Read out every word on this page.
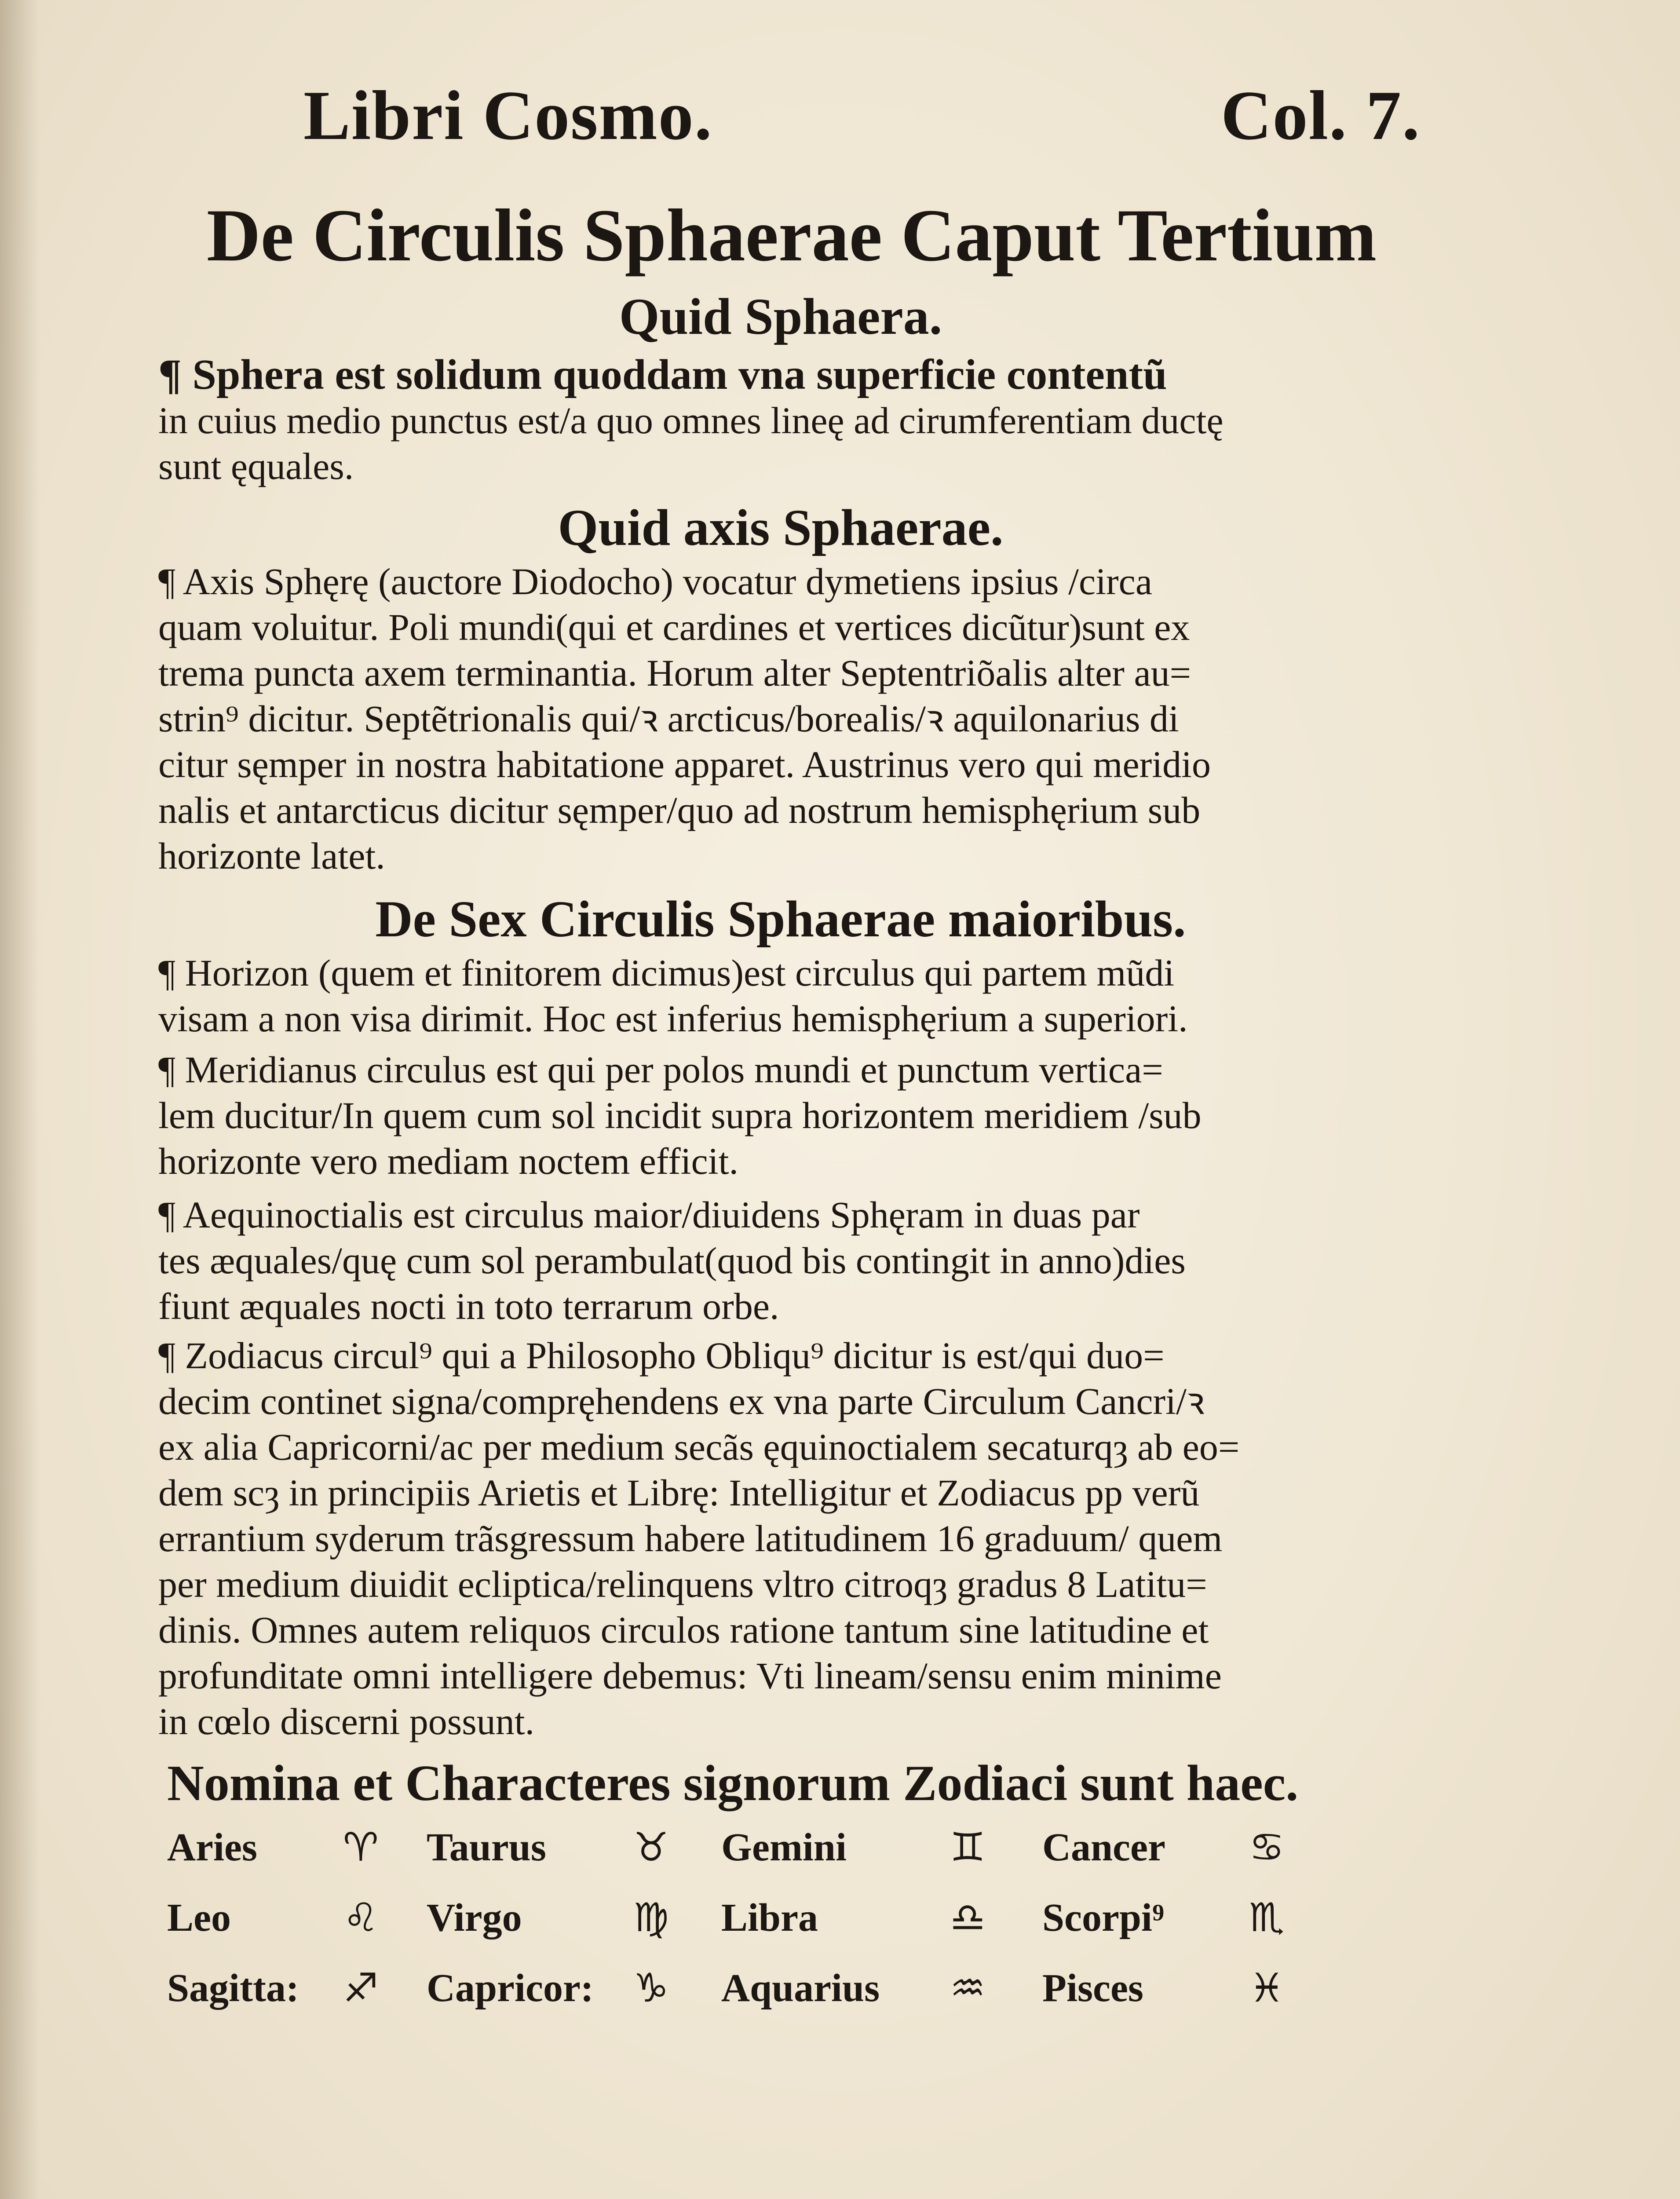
Libri Cosmo.	Col. 7.
De Circulis Sphaerae Caput Tertium
Quid Sphaera.
¶ Sphera est solidum quoddam vna superficie contentũ
in cuius medio punctus est/a quo omnes lineę ad cirumferentiam ductę
sunt ęquales.
Quid axis Sphaerae.
¶ Axis Sphęrę (auctore Diodocho) vocatur dymetiens ipsius /circa
quam voluitur. Poli mundi(qui et cardines et vertices dicũtur)sunt ex
trema puncta axem terminantia. Horum alter Septentriõalis alter au=
strin⁹ dicitur. Septẽtrionalis qui/ꝛ arcticus/borealis/ꝛ aquilonarius di
citur sęmper in nostra habitatione apparet. Austrinus vero qui meridio
nalis et antarcticus dicitur sęmper/quo ad nostrum hemisphęrium sub
horizonte latet.
De Sex Circulis Sphaerae maioribus.
¶ Horizon (quem et finitorem dicimus)est circulus qui partem mũdi
visam a non visa dirimit. Hoc est inferius hemisphęrium a superiori.
¶ Meridianus circulus est qui per polos mundi et punctum vertica=
lem ducitur/In quem cum sol incidit supra horizontem meridiem /sub
horizonte vero mediam noctem efficit.
¶ Aequinoctialis est circulus maior/diuidens Sphęram in duas par
tes æquales/quę cum sol perambulat(quod bis contingit in anno)dies
fiunt æquales nocti in toto terrarum orbe.
¶ Zodiacus circul⁹ qui a Philosopho Obliqu⁹ dicitur is est/qui duo=
decim continet signa/compręhendens ex vna parte Circulum Cancri/ꝛ
ex alia Capricorni/ac per medium secãs ęquinoctialem secaturqȝ ab eo=
dem scȝ in principiis Arietis et Librę: Intelligitur et Zodiacus pp verũ
errantium syderum trãsgressum habere latitudinem 16 graduum/ quem
per medium diuidit ecliptica/relinquens vltro citroqȝ gradus 8 Latitu=
dinis. Omnes autem reliquos circulos ratione tantum sine latitudine et
profunditate omni intelligere debemus: Vti lineam/sensu enim minime
in cœlo discerni possunt.
Nomina et Characteres signorum Zodiaci sunt haec.
Aries	♈	Taurus	♉	Gemini	♊	Cancer	♋
Leo	♌	Virgo	♍	Libra	♎	Scorpi⁹	♏
Sagitta:	♐	Capricor:	♑	Aquarius	♒	Pisces	♓
